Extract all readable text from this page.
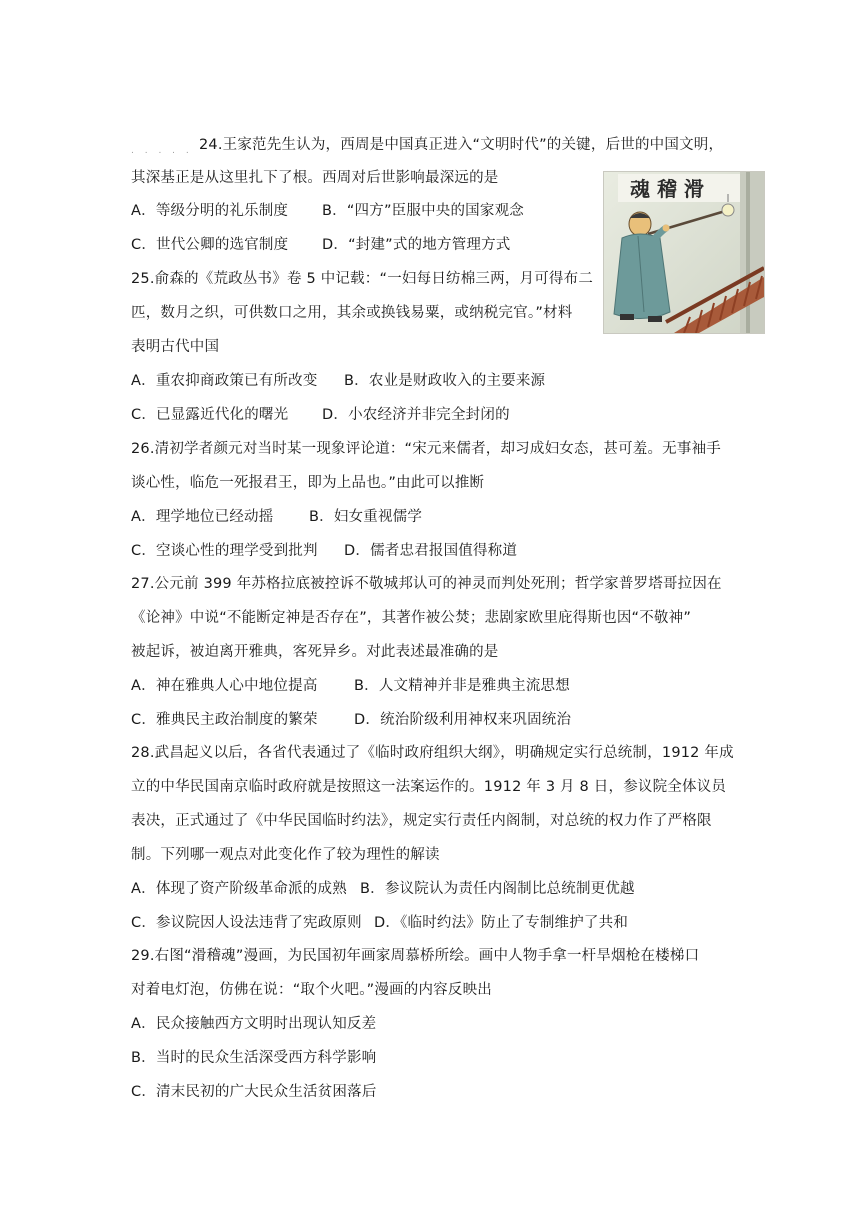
. . . . . 24.王家范先生认为，西周是中国真正进入“文明时代”的关键，后世的中国文明，
其深基正是从这里扎下了根。西周对后世影响最深远的是
A．等级分明的礼乐制度 B．“四方”臣服中央的国家观念
C．世代公卿的选官制度 D．“封建”式的地方管理方式
25.俞森的《荒政丛书》卷 5 中记载：“一妇每日纺棉三两，月可得布二
匹，数月之织，可供数口之用，其余或换钱易粟，或纳税完官。”材料
表明古代中国
A．重农抑商政策已有所改变 B．农业是财政收入的主要来源
C．已显露近代化的曙光 D．小农经济并非完全封闭的
26.清初学者颜元对当时某一现象评论道：“宋元来儒者，却习成妇女态，甚可羞。无事袖手
谈心性，临危一死报君王，即为上品也。”由此可以推断
A．理学地位已经动摇 B．妇女重视儒学
C．空谈心性的理学受到批判 D．儒者忠君报国值得称道
27.公元前 399 年苏格拉底被控诉不敬城邦认可的神灵而判处死刑；哲学家普罗塔哥拉因在
《论神》中说“不能断定神是否存在”，其著作被公焚；悲剧家欧里庇得斯也因“不敬神”
被起诉，被迫离开雅典，客死异乡。对此表述最准确的是
A．神在雅典人心中地位提高	B．人文精神并非是雅典主流思想
C．雅典民主政治制度的繁荣	D．统治阶级利用神权来巩固统治
28.武昌起义以后，各省代表通过了《临时政府组织大纲》，明确规定实行总统制，1912 年成
立的中华民国南京临时政府就是按照这一法案运作的。1912 年 3 月 8 日，参议院全体议员
表决，正式通过了《中华民国临时约法》，规定实行责任内阁制，对总统的权力作了严格限
制。下列哪一观点对此变化作了较为理性的解读
A．体现了资产阶级革命派的成熟 B．参议院认为责任内阁制比总统制更优越
C．参议院因人设法违背了宪政原则 D．《临时约法》防止了专制维护了共和
29.右图“滑稽魂”漫画，为民国初年画家周慕桥所绘。画中人物手拿一杆旱烟枪在楼梯口
对着电灯泡，仿佛在说：“取个火吧。”漫画的内容反映出
A．民众接触西方文明时出现认知反差
B．当时的民众生活深受西方科学影响
C．清末民初的广大民众生活贫困落后
魂 稽 滑
